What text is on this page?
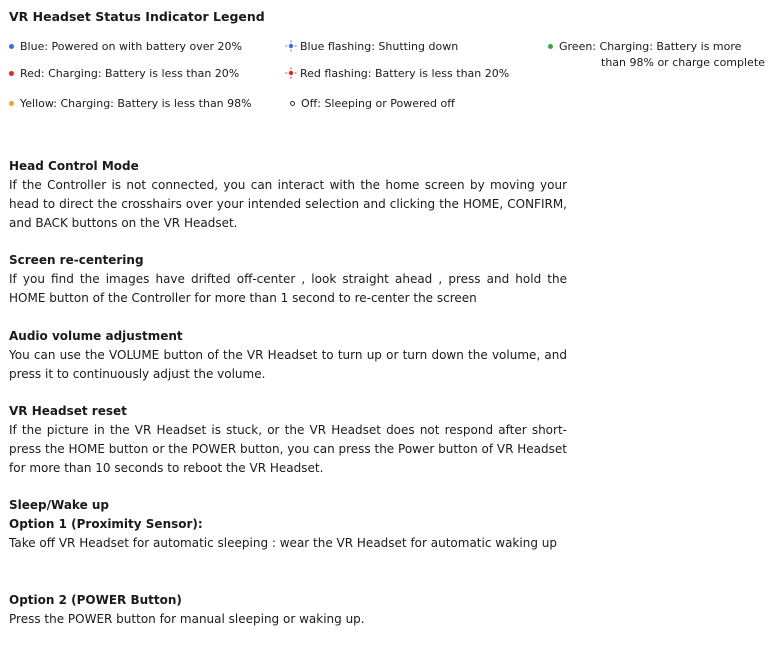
VR Headset Status Indicator Legend
Blue: Powered on with battery over 20%
Red: Charging: Battery is less than 20%
Yellow: Charging: Battery is less than 98%
Blue flashing: Shutting down
Red flashing: Battery is less than 20%
Off: Sleeping or Powered off
Green: Charging: Battery is more
than 98% or charge complete
Head Control Mode
If the Controller is not connected, you can interact with the home screen by moving your head to direct the crosshairs over your intended selection and clicking the HOME, CONFIRM, and BACK buttons on the VR Headset.
Screen re-centering
If you find the images have drifted off-center , look straight ahead , press and hold the HOME button of the Controller for more than 1 second to re-center the screen
Audio volume adjustment
You can use the VOLUME button of the VR Headset to turn up or turn down the volume, and press it to continuously adjust the volume.
VR Headset reset
If the picture in the VR Headset is stuck, or the VR Headset does not respond after short-press the HOME button or the POWER button, you can press the Power button of VR Headset for more than 10 seconds to reboot the VR Headset.
Sleep/Wake up
Option 1 (Proximity Sensor):
Take off VR Headset for automatic sleeping : wear the VR Headset for automatic waking up
Option 2 (POWER Button)
Press the POWER button for manual sleeping or waking up.
